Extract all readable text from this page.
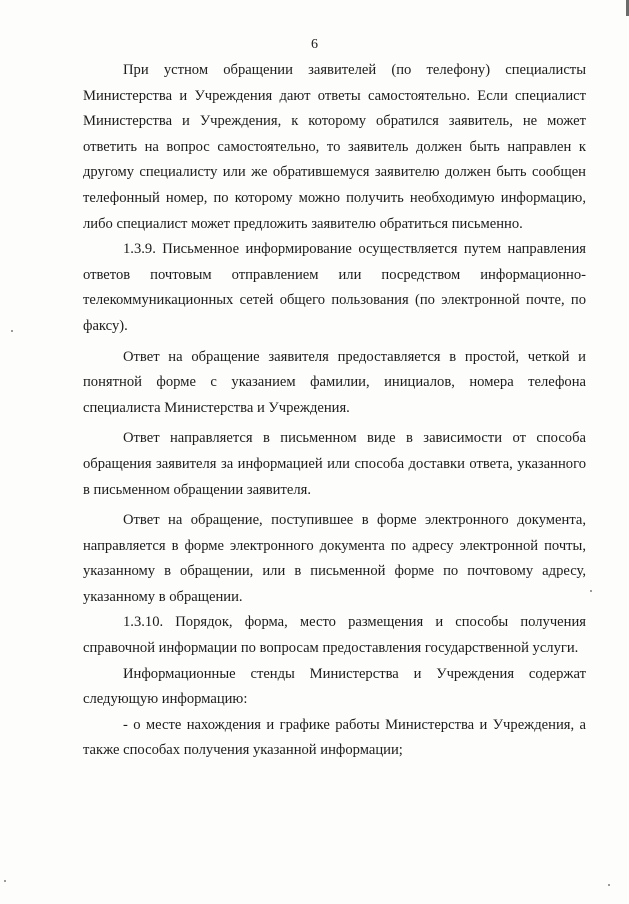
6

При устном обращении заявителей (по телефону) специалисты Министерства и Учреждения дают ответы самостоятельно. Если специалист Министерства и Учреждения, к которому обратился заявитель, не может ответить на вопрос самостоятельно, то заявитель должен быть направлен к другому специалисту или же обратившемуся заявителю должен быть сообщен телефонный номер, по которому можно получить необходимую информацию, либо специалист может предложить заявителю обратиться письменно.

1.3.9. Письменное информирование осуществляется путем направления ответов почтовым отправлением или посредством информационно-телекоммуникационных сетей общего пользования (по электронной почте, по факсу).

Ответ на обращение заявителя предоставляется в простой, четкой и понятной форме с указанием фамилии, инициалов, номера телефона специалиста Министерства и Учреждения.

Ответ направляется в письменном виде в зависимости от способа обращения заявителя за информацией или способа доставки ответа, указанного в письменном обращении заявителя.

Ответ на обращение, поступившее в форме электронного документа, направляется в форме электронного документа по адресу электронной почты, указанному в обращении, или в письменной форме по почтовому адресу, указанному в обращении.

1.3.10. Порядок, форма, место размещения и способы получения справочной информации по вопросам предоставления государственной услуги.

Информационные стенды Министерства и Учреждения содержат следующую информацию:

- о месте нахождения и графике работы Министерства и Учреждения, а также способах получения указанной информации;
